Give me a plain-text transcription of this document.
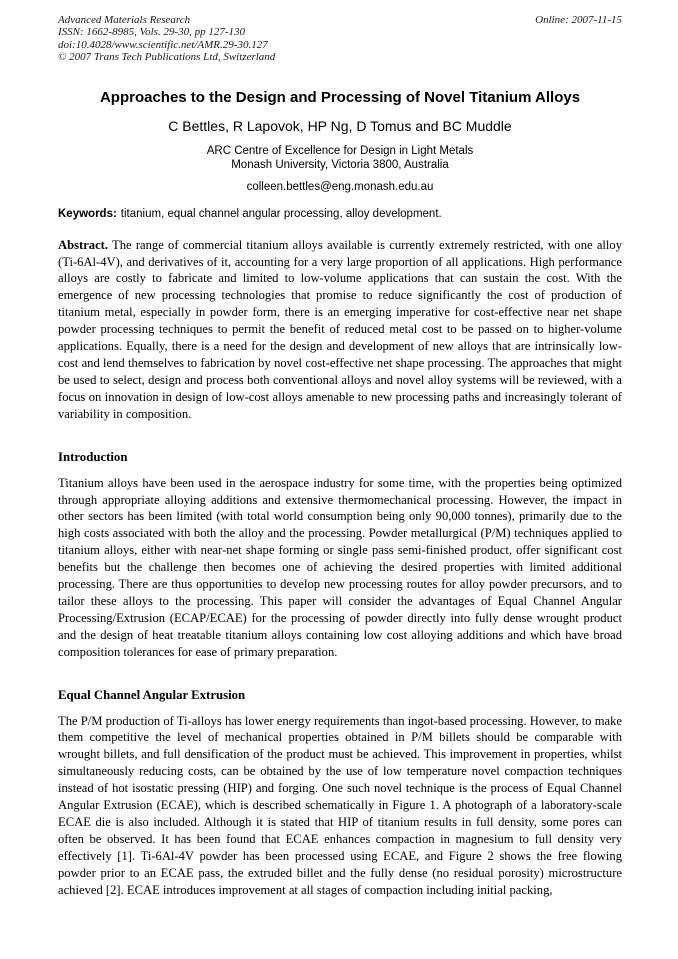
Advanced Materials Research
ISSN: 1662-8985, Vols. 29-30, pp 127-130
doi:10.4028/www.scientific.net/AMR.29-30.127
© 2007 Trans Tech Publications Ltd, Switzerland
Online: 2007-11-15
Approaches to the Design and Processing of Novel Titanium Alloys
C Bettles, R Lapovok, HP Ng, D Tomus and BC Muddle
ARC Centre of Excellence for Design in Light Metals
Monash University, Victoria 3800, Australia
colleen.bettles@eng.monash.edu.au
Keywords: titanium, equal channel angular processing, alloy development.

Abstract. The range of commercial titanium alloys available is currently extremely restricted, with one alloy (Ti-6Al-4V), and derivatives of it, accounting for a very large proportion of all applications. High performance alloys are costly to fabricate and limited to low-volume applications that can sustain the cost. With the emergence of new processing technologies that promise to reduce significantly the cost of production of titanium metal, especially in powder form, there is an emerging imperative for cost-effective near net shape powder processing techniques to permit the benefit of reduced metal cost to be passed on to higher-volume applications. Equally, there is a need for the design and development of new alloys that are intrinsically low-cost and lend themselves to fabrication by novel cost-effective net shape processing. The approaches that might be used to select, design and process both conventional alloys and novel alloy systems will be reviewed, with a focus on innovation in design of low-cost alloys amenable to new processing paths and increasingly tolerant of variability in composition.

Introduction

Titanium alloys have been used in the aerospace industry for some time, with the properties being optimized through appropriate alloying additions and extensive thermomechanical processing. However, the impact in other sectors has been limited (with total world consumption being only 90,000 tonnes), primarily due to the high costs associated with both the alloy and the processing. Powder metallurgical (P/M) techniques applied to titanium alloys, either with near-net shape forming or single pass semi-finished product, offer significant cost benefits but the challenge then becomes one of achieving the desired properties with limited additional processing. There are thus opportunities to develop new processing routes for alloy powder precursors, and to tailor these alloys to the processing. This paper will consider the advantages of Equal Channel Angular Processing/Extrusion (ECAP/ECAE) for the processing of powder directly into fully dense wrought product and the design of heat treatable titanium alloys containing low cost alloying additions and which have broad composition tolerances for ease of primary preparation.

Equal Channel Angular Extrusion

The P/M production of Ti-alloys has lower energy requirements than ingot-based processing. However, to make them competitive the level of mechanical properties obtained in P/M billets should be comparable with wrought billets, and full densification of the product must be achieved. This improvement in properties, whilst simultaneously reducing costs, can be obtained by the use of low temperature novel compaction techniques instead of hot isostatic pressing (HIP) and forging. One such novel technique is the process of Equal Channel Angular Extrusion (ECAE), which is described schematically in Figure 1. A photograph of a laboratory-scale ECAE die is also included. Although it is stated that HIP of titanium results in full density, some pores can often be observed. It has been found that ECAE enhances compaction in magnesium to full density very effectively [1]. Ti-6Al-4V powder has been processed using ECAE, and Figure 2 shows the free flowing powder prior to an ECAE pass, the extruded billet and the fully dense (no residual porosity) microstructure achieved [2]. ECAE introduces improvement at all stages of compaction including initial packing,
